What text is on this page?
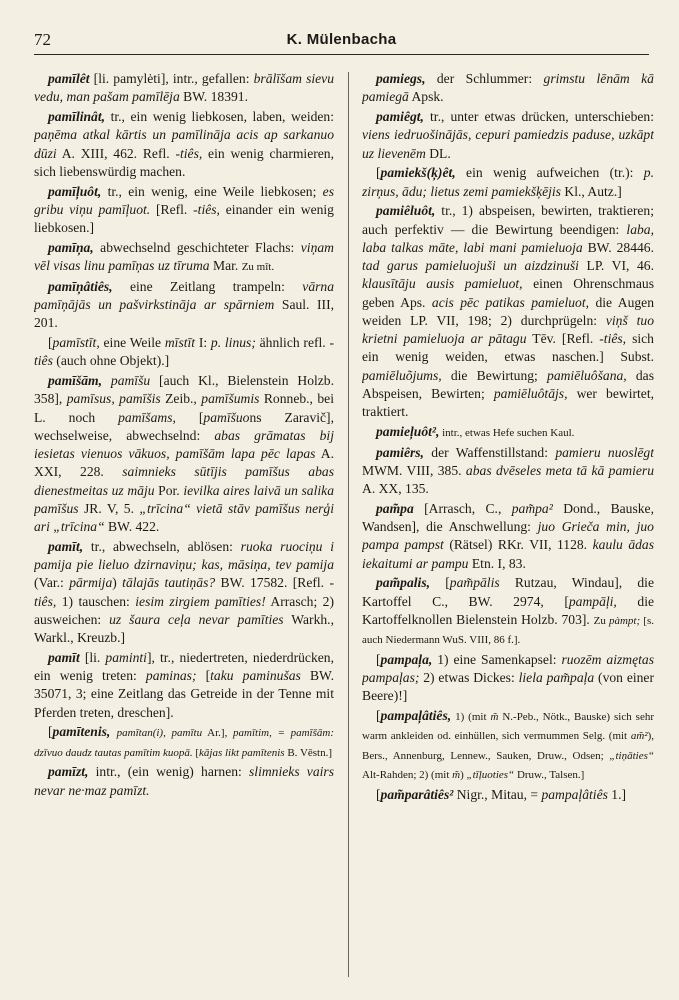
72	K. Mülenbacha

pamīlêt [li. pamylėti], intr., gefallen: brālīšam sievu vedu, man pašam pamīlēja BW. 18391.

pamīlinât, tr., ein wenig liebkosen, laben, weiden: paņēma atkal kārtis un pamīlināja acis ap sarkanuo dūzi A. XIII, 462. Refl. -tiês, ein wenig charmieren, sich liebenswürdig machen.

pamīļuôt, tr., ein wenig, eine Weile liebkosen; es gribu viņu pamīļuot. [Refl. -tiês, einander ein wenig liebkosen.]

pamīņa, abwechselnd geschichteter Flachs: viņam vēl visas linu pamīņas uz tīruma Mar. Zu mīt.

pamīņâtiês, eine Zeitlang trampeln: vārna pamīņājās un pašvirkstināja ar spārniem Saul. III, 201.

[pamīstīt, eine Weile mīstīt I: p. linus; ähnlich refl. -tiês (auch ohne Objekt).]

pamīšām, pamīšu [auch Kl., Bielenstein Holzb. 358], pamīsus, pamīšis Zeib., pamīšumis Ronneb., bei L. noch pamīšams, [pamīšuons Zaravič], wechselweise, abwechselnd: abas grāmatas bij iesietas vienuos vākuos, pamīšām lapa pēc lapas A. XXI, 228. saimnieks sūtījis pamīšus abas dienestmeitas uz māju Por. ievilka aires laivā un salika pamīšus JR. V, 5. „trīcina“ vietā stāv pamīšus nerģi ari „trīcina“ BW. 422.

pamīt, tr., abwechseln, ablösen: ruoka ruociņu i pamija pie lieluo dzirnaviņu; kas, māsiņa, tev pamija (Var.: pārmija) tālajās tautiņās? BW. 17582. [Refl. -tiês, 1) tauschen: iesim zirgiem pamīties! Arrasch; 2) ausweichen: uz šaura ceļa nevar pamīties Warkh., Warkl., Kreuzb.]

pamīt [li. paminti], tr., niedertreten, niederdrücken, ein wenig treten: paminas; [taku paminušas BW. 35071, 3; eine Zeitlang das Getreide in der Tenne mit Pferden treten, dreschen].

[pamītenis, pamītan(i), pamītu Ar.], pamītim, = pamīšām: dzīvuo daudz tautas pamītim kuopā. [kājas likt pamītenis B. Vēstn.]

pamīzt, intr., (ein wenig) harnen: slimnieks vairs nevar ne·maz pamīzt.

pamiegs, der Schlummer: grimstu lēnām kā pamiegā Apsk.

pamiêgt, tr., unter etwas drücken, unterschieben: viens iedruošinājās, cepuri pamiedzis paduse, uzkāpt uz lievenēm DL.

[pamiekš(ķ)êt, ein wenig aufweichen (tr.): p. zirņus, ādu; lietus zemi pamiekšķējis Kl., Autz.]

pamiêluôt, tr., 1) abspeisen, bewirten, traktieren; auch perfektiv — die Bewirtung beendigen: laba, laba talkas māte, labi mani pamieluoja BW. 28446. tad garus pamieluojuši un aizdzinuši LP. VI, 46. klausītāju ausis pamieluot, einen Ohrenschmaus geben Aps. acis pēc patikas pamieluot, die Augen weiden LP. VII, 198; 2) durchprügeln: viņš tuo krietni pamieluoja ar pātagu Tēv. [Refl. -tiês, sich ein wenig weiden, etwas naschen.] Subst. pamiēluõjums, die Bewirtung; pamiēluôšana, das Abspeisen, Bewirten; pamiēluôtājs, wer bewirtet, traktiert.

pamieļuôt², intr., etwas Hefe suchen Kaul.

pamiêrs, der Waffenstillstand: pamieru nuoslēgt MWM. VIII, 385. abas dvēseles meta tā kā pamieru A. XX, 135.

pam̃pa [Arrasch, C., pam̃pa² Dond., Bauske, Wandsen], die Anschwellung: juo Grieča min, juo pampa pampst (Rätsel) RKr. VII, 1128. kaulu ādas iekaitumi ar pampu Etn. I, 83.

pam̃palis, [pam̃pālis Rutzau, Windau], die Kartoffel C., BW. 2974, [pampāļi, die Kartoffelknollen Bielenstein Holzb. 703]. Zu pàmpt; [s. auch Niedermann WuS. VIII, 86 f.].

[pampaļa, 1) eine Samenkapsel: ruozēm aizmętas pampaļas; 2) etwas Dickes: liela pam̃paļa (von einer Beere)!]

[pampaļâtiês, 1) (mit m̃ N.-Peb., Nötk., Bauske) sich sehr warm ankleiden od. einhüllen, sich vermummen Selg. (mit am̃²), Bers., Annenburg, Lennew., Sauken, Druw., Odsen; „tiņāties“ Alt-Rahden; 2) (mit m̃) „tīļuoties“ Druw., Talsen.]

[pam̃parâtiês² Nigr., Mitau, = pampaļâtiês 1.]
